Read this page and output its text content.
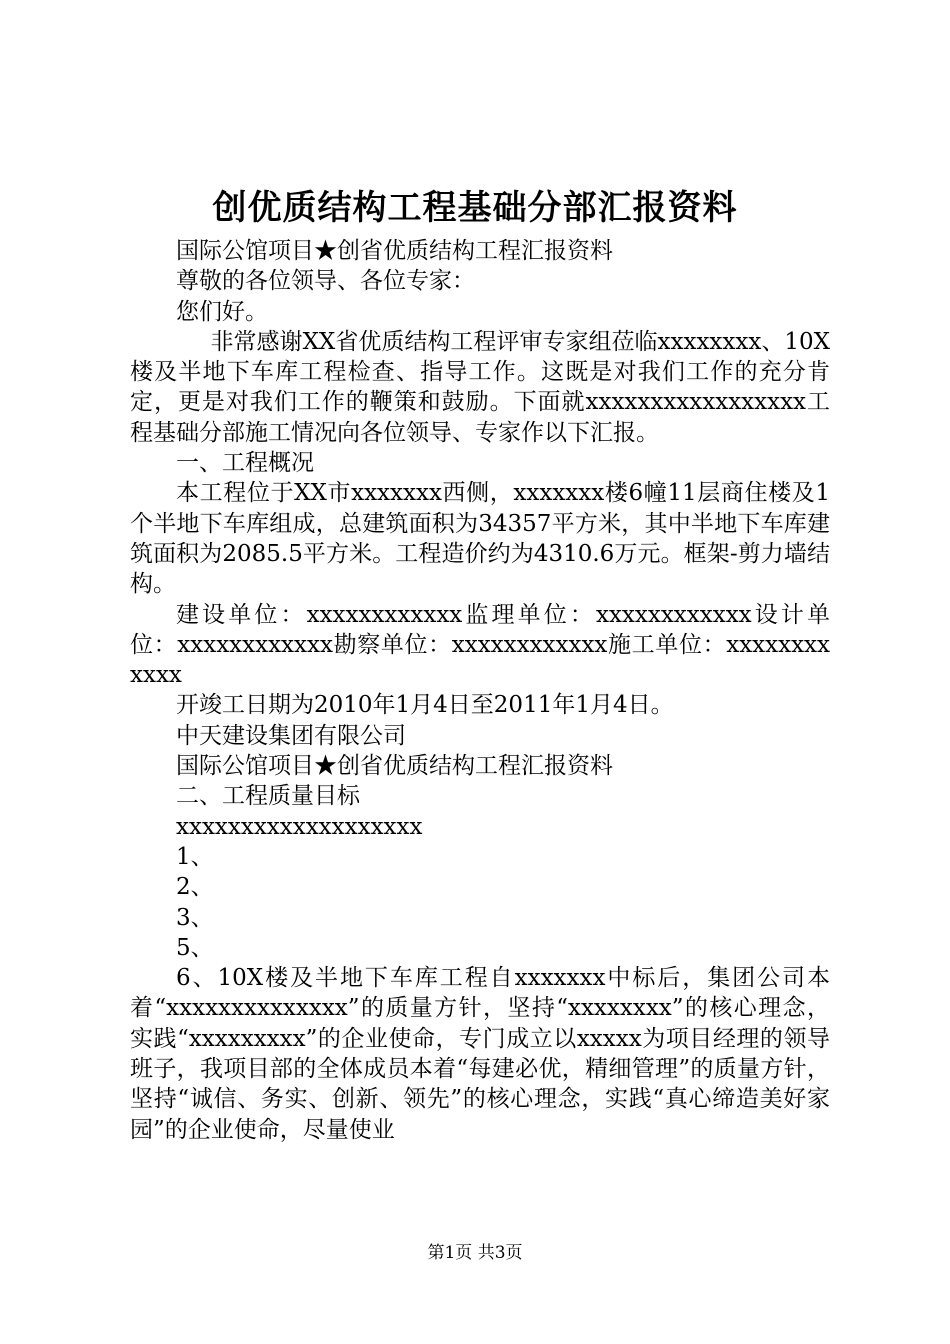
创优质结构工程基础分部汇报资料

国际公馆项目★创省优质结构工程汇报资料

尊敬的各位领导、各位专家：

您们好。

非常感谢XX省优质结构工程评审专家组莅临xxxxxxxx、10X楼及半地下车库工程检查、指导工作。这既是对我们工作的充分肯定，更是对我们工作的鞭策和鼓励。下面就xxxxxxxxxxxxxxxxx工程基础分部施工情况向各位领导、专家作以下汇报。

一、工程概况

本工程位于XX市xxxxxxx西侧，xxxxxxx楼6幢11层商住楼及1个半地下车库组成，总建筑面积为34357平方米，其中半地下车库建筑面积为2085.5平方米。工程造价约为4310.6万元。框架-剪力墙结构。

建设单位：xxxxxxxxxxxx监理单位：xxxxxxxxxxxx设计单位：xxxxxxxxxxxx勘察单位：xxxxxxxxxxxx施工单位：xxxxxxxxxxxx

开竣工日期为2010年1月4日至2011年1月4日。

中天建设集团有限公司

国际公馆项目★创省优质结构工程汇报资料

二、工程质量目标

xxxxxxxxxxxxxxxxxxx

1、

2、

3、

5、

6、10X楼及半地下车库工程自xxxxxxx中标后，集团公司本着“xxxxxxxxxxxxxx”的质量方针，坚持“xxxxxxxx”的核心理念，实践“xxxxxxxxx”的企业使命，专门成立以xxxxx为项目经理的领导班子，我项目部的全体成员本着“每建必优，精细管理”的质量方针，坚持“诚信、务实、创新、领先”的核心理念，实践“真心缔造美好家园”的企业使命，尽量使业

第1页 共3页
